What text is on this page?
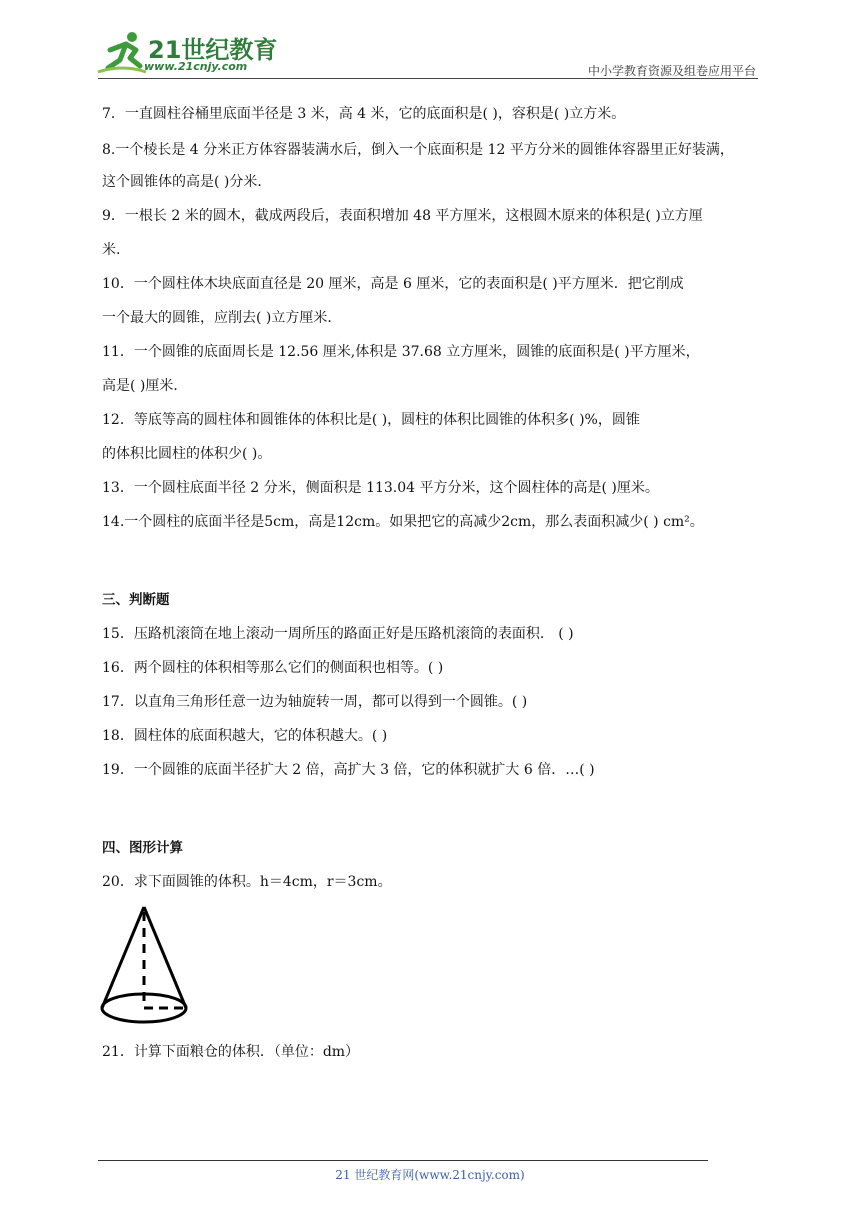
21世纪教育
www.21cnjy.com	中小学教育资源及组卷应用平台
7．一直圆柱谷桶里底面半径是 3 米，高 4 米，它的底面积是( )，容积是( )立方米。
8.一个棱长是 4 分米正方体容器装满水后，倒入一个底面积是 12 平方分米的圆锥体容器里正好装满，
这个圆锥体的高是( )分米．
9．一根长 2 米的圆木，截成两段后，表面积增加 48 平方厘米，这根圆木原来的体积是( )立方厘
米.
10．一个圆柱体木块底面直径是 20 厘米，高是 6 厘米，它的表面积是( )平方厘米．把它削成
一个最大的圆锥，应削去( )立方厘米．
11．一个圆锥的底面周长是 12.56 厘米,体积是 37.68 立方厘米，圆锥的底面积是( )平方厘米，
高是( )厘米．
12．等底等高的圆柱体和圆锥体的体积比是( )，圆柱的体积比圆锥的体积多( )%，圆锥
的体积比圆柱的体积少( )。
13．一个圆柱底面半径 2 分米，侧面积是 113.04 平方分米，这个圆柱体的高是( )厘米。
14.一个圆柱的底面半径是5cm，高是12cm。如果把它的高减少2cm，那么表面积减少( ) cm²。
三、判断题
15．压路机滚筒在地上滚动一周所压的路面正好是压路机滚筒的表面积． ( )
16．两个圆柱的体积相等那么它们的侧面积也相等。( )
17．以直角三角形任意一边为轴旋转一周，都可以得到一个圆锥。( )
18．圆柱体的底面积越大，它的体积越大。( )
19．一个圆锥的底面半径扩大 2 倍，高扩大 3 倍，它的体积就扩大 6 倍．…( )
四、图形计算
20．求下面圆锥的体积。h＝4cm，r＝3cm。
21．计算下面粮仓的体积．（单位：dm）
21 世纪教育网(www.21cnjy.com)
